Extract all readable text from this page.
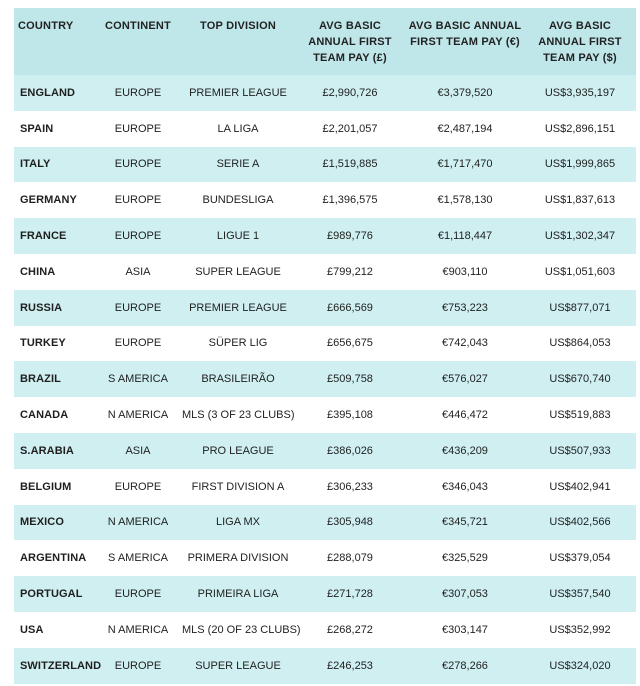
COUNTRY	CONTINENT	TOP DIVISION	AVG BASIC ANNUAL FIRST TEAM PAY (£)	AVG BASIC ANNUAL FIRST TEAM PAY (€)	AVG BASIC ANNUAL FIRST TEAM PAY ($)
ENGLAND	EUROPE	PREMIER LEAGUE	£2,990,726	€3,379,520	US$3,935,197
SPAIN	EUROPE	LA LIGA	£2,201,057	€2,487,194	US$2,896,151
ITALY	EUROPE	SERIE A	£1,519,885	€1,717,470	US$1,999,865
GERMANY	EUROPE	BUNDESLIGA	£1,396,575	€1,578,130	US$1,837,613
FRANCE	EUROPE	LIGUE 1	£989,776	€1,118,447	US$1,302,347
CHINA	ASIA	SUPER LEAGUE	£799,212	€903,110	US$1,051,603
RUSSIA	EUROPE	PREMIER LEAGUE	£666,569	€753,223	US$877,071
TURKEY	EUROPE	SÜPER LIG	£656,675	€742,043	US$864,053
BRAZIL	S AMERICA	BRASILEIRÃO	£509,758	€576,027	US$670,740
CANADA	N AMERICA	MLS (3 OF 23 CLUBS)	£395,108	€446,472	US$519,883
S.ARABIA	ASIA	PRO LEAGUE	£386,026	€436,209	US$507,933
BELGIUM	EUROPE	FIRST DIVISION A	£306,233	€346,043	US$402,941
MEXICO	N AMERICA	LIGA MX	£305,948	€345,721	US$402,566
ARGENTINA	S AMERICA	PRIMERA DIVISION	£288,079	€325,529	US$379,054
PORTUGAL	EUROPE	PRIMEIRA LIGA	£271,728	€307,053	US$357,540
USA	N AMERICA	MLS (20 OF 23 CLUBS)	£268,272	€303,147	US$352,992
SWITZERLAND	EUROPE	SUPER LEAGUE	£246,253	€278,266	US$324,020
